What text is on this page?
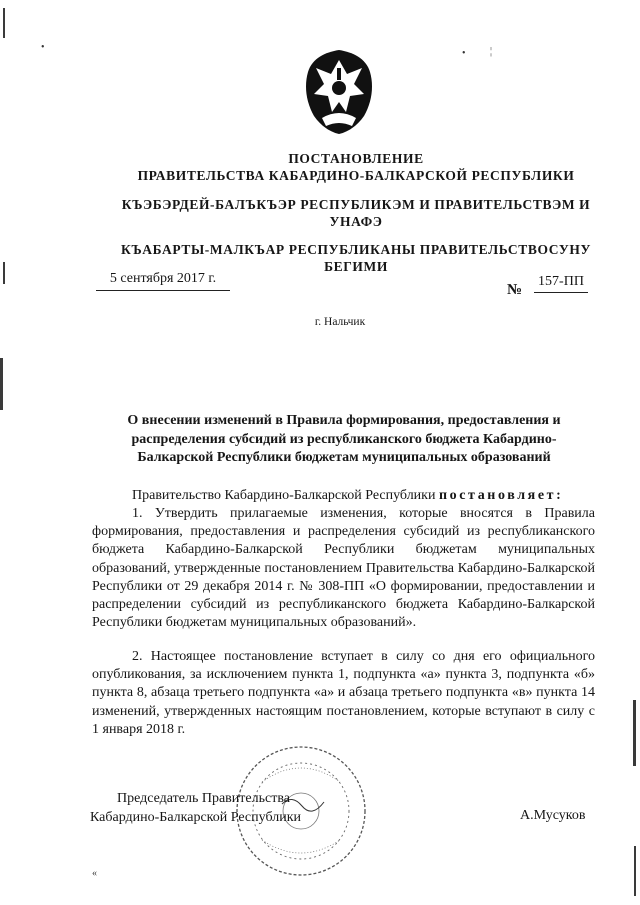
•
• ¦
«
ПОСТАНОВЛЕНИЕ
ПРАВИТЕЛЬСТВА КАБАРДИНО-БАЛКАРСКОЙ РЕСПУБЛИКИ
КЪЭБЭРДЕЙ-БАЛЪКЪЭР РЕСПУБЛИКЭМ И ПРАВИТЕЛЬСТВЭМ И
УНАФЭ
КЪАБАРТЫ-МАЛКЪАР РЕСПУБЛИКАНЫ ПРАВИТЕЛЬСТВОСУНУ
БЕГИМИ
5 сентября 2017 г.
№
157-ПП
г. Нальчик
О внесении изменений в Правила формирования, предоставления и распределения субсидий из республиканского бюджета Кабардино-Балкарской Республики бюджетам муниципальных образований
Правительство Кабардино-Балкарской Республики постановляет:

1. Утвердить прилагаемые изменения, которые вносятся в Правила формирования, предоставления и распределения субсидий из республиканского бюджета Кабардино-Балкарской Республики бюджетам муниципальных образований, утвержденные постановлением Правительства Кабардино-Балкарской Республики от 29 декабря 2014 г. № 308-ПП «О формировании, предоставлении и распределении субсидий из республиканского бюджета Кабардино-Балкарской Республики бюджетам муниципальных образований».

2. Настоящее постановление вступает в силу со дня его официального опубликования, за исключением пункта 1, подпункта «а» пункта 3, подпункта «б» пункта 8, абзаца третьего подпункта «а» и абзаца третьего подпункта «в» пункта 14 изменений, утвержденных настоящим постановлением, которые вступают в силу с 1 января 2018 г.

Председатель Правительства
Кабардино-Балкарской Республики	А.Мусуков
